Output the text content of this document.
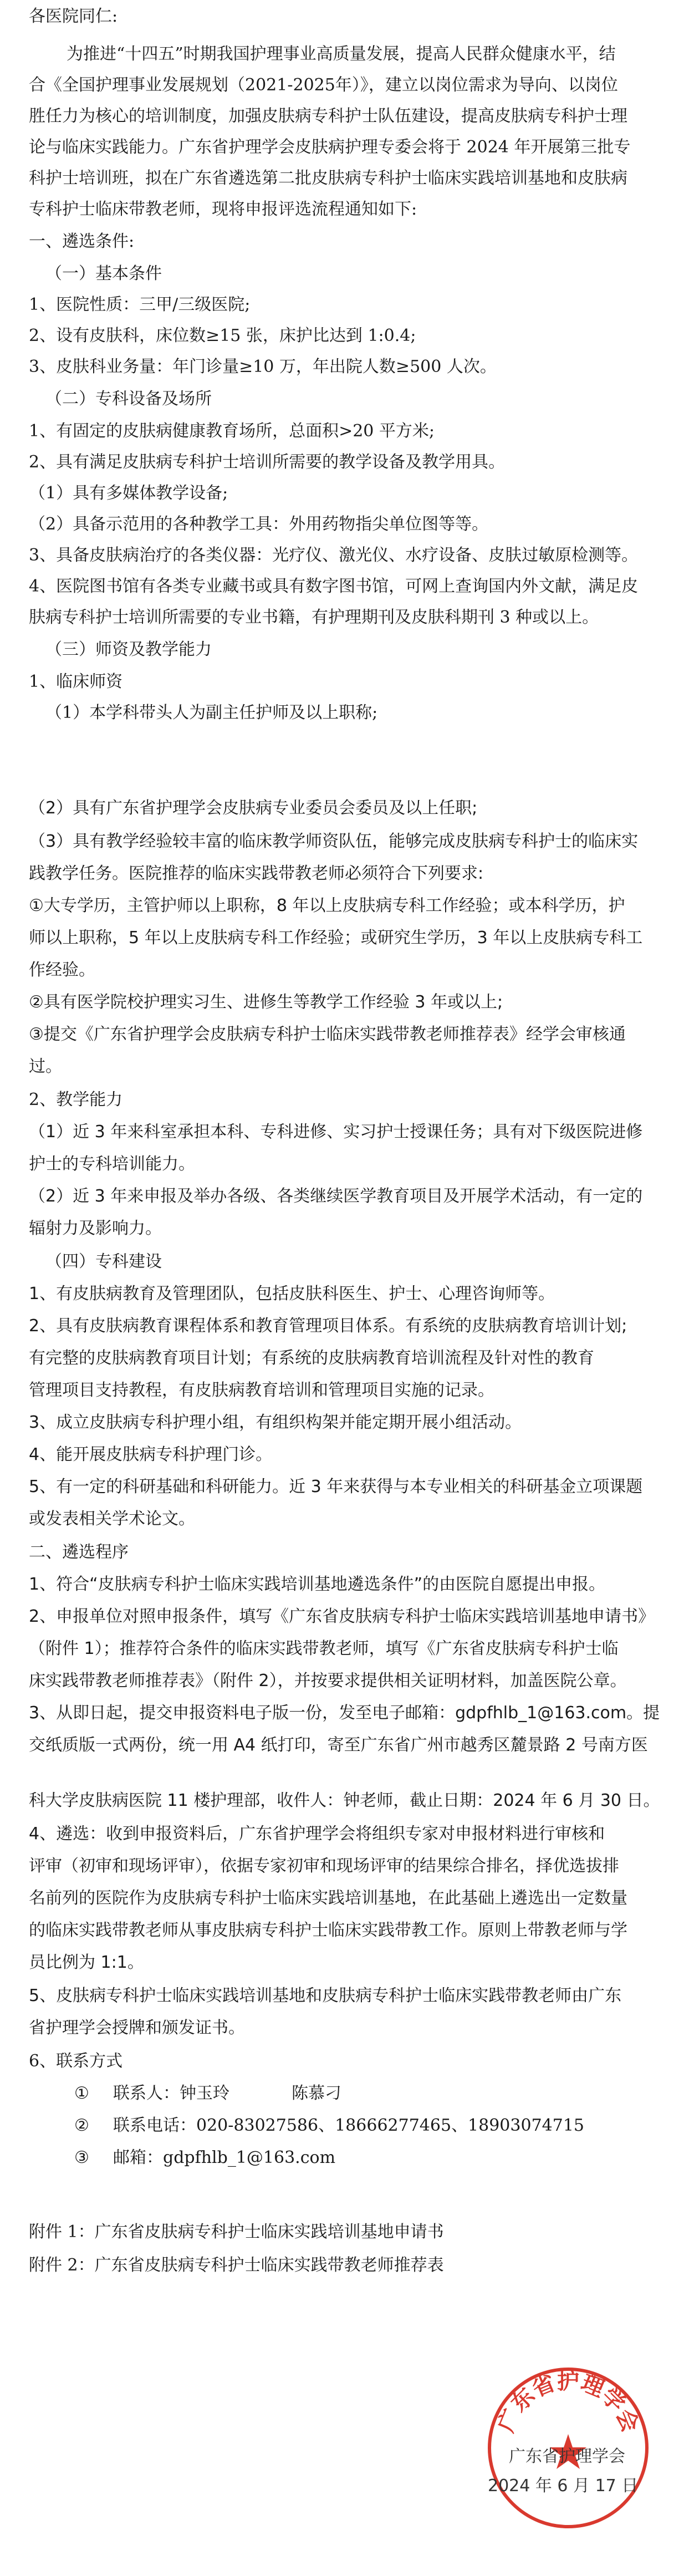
各医院同仁:
为推进“十四五”时期我国护理事业高质量发展，提高人民群众健康水平，结
合《全国护理事业发展规划（2021-2025年）》，建立以岗位需求为导向、以岗位
胜任力为核心的培训制度，加强皮肤病专科护士队伍建设，提高皮肤病专科护士理
论与临床实践能力。广东省护理学会皮肤病护理专委会将于 2024 年开展第三批专
科护士培训班，拟在广东省遴选第二批皮肤病专科护士临床实践培训基地和皮肤病
专科护士临床带教老师，现将申报评选流程通知如下:
一、遴选条件:
（一）基本条件
1、医院性质：三甲/三级医院;
2、设有皮肤科，床位数≥15 张，床护比达到 1:0.4;
3、皮肤科业务量：年门诊量≥10 万，年出院人数≥500 人次。
（二）专科设备及场所
1、有固定的皮肤病健康教育场所，总面积>20 平方米;
2、具有满足皮肤病专科护士培训所需要的教学设备及教学用具。
（1）具有多媒体教学设备;
（2）具备示范用的各种教学工具：外用药物指尖单位图等等。
3、具备皮肤病治疗的各类仪器：光疗仪、激光仪、水疗设备、皮肤过敏原检测等。
4、医院图书馆有各类专业藏书或具有数字图书馆，可网上查询国内外文献，满足皮
肤病专科护士培训所需要的专业书籍，有护理期刊及皮肤科期刊 3 种或以上。
（三）师资及教学能力
1、临床师资
（1）本学科带头人为副主任护师及以上职称;
（2）具有广东省护理学会皮肤病专业委员会委员及以上任职;
（3）具有教学经验较丰富的临床教学师资队伍，能够完成皮肤病专科护士的临床实
践教学任务。医院推荐的临床实践带教老师必须符合下列要求:
①大专学历，主管护师以上职称，8 年以上皮肤病专科工作经验；或本科学历，护
师以上职称，5 年以上皮肤病专科工作经验；或研究生学历，3 年以上皮肤病专科工
作经验。
②具有医学院校护理实习生、进修生等教学工作经验 3 年或以上;
③提交《广东省护理学会皮肤病专科护士临床实践带教老师推荐表》经学会审核通
过。
2、教学能力
（1）近 3 年来科室承担本科、专科进修、实习护士授课任务；具有对下级医院进修
护士的专科培训能力。
（2）近 3 年来申报及举办各级、各类继续医学教育项目及开展学术活动，有一定的
辐射力及影响力。
（四）专科建设
1、有皮肤病教育及管理团队，包括皮肤科医生、护士、心理咨询师等。
2、具有皮肤病教育课程体系和教育管理项目体系。有系统的皮肤病教育培训计划;
有完整的皮肤病教育项目计划；有系统的皮肤病教育培训流程及针对性的教育
管理项目支持教程，有皮肤病教育培训和管理项目实施的记录。
3、成立皮肤病专科护理小组，有组织构架并能定期开展小组活动。
4、能开展皮肤病专科护理门诊。
5、有一定的科研基础和科研能力。近 3 年来获得与本专业相关的科研基金立项课题
或发表相关学术论文。
二、遴选程序
1、符合“皮肤病专科护士临床实践培训基地遴选条件”的由医院自愿提出申报。
2、申报单位对照申报条件，填写《广东省皮肤病专科护士临床实践培训基地申请书》
（附件 1）；推荐符合条件的临床实践带教老师，填写《广东省皮肤病专科护士临
床实践带教老师推荐表》（附件 2），并按要求提供相关证明材料，加盖医院公章。
3、从即日起，提交申报资料电子版一份，发至电子邮箱：gdpfhlb_1@163.com。提
交纸质版一式两份，统一用 A4 纸打印，寄至广东省广州市越秀区麓景路 2 号南方医
科大学皮肤病医院 11 楼护理部，收件人：钟老师，截止日期：2024 年 6 月 30 日。
4、遴选：收到申报资料后，广东省护理学会将组织专家对申报材料进行审核和
评审（初审和现场评审），依据专家初审和现场评审的结果综合排名，择优选拔排
名前列的医院作为皮肤病专科护士临床实践培训基地，在此基础上遴选出一定数量
的临床实践带教老师从事皮肤病专科护士临床实践带教工作。原则上带教老师与学
员比例为 1:1。
5、皮肤病专科护士临床实践培训基地和皮肤病专科护士临床实践带教老师由广东
省护理学会授牌和颁发证书。
6、联系方式
①	联系人：钟玉玲	陈慕刁
②	联系电话：020-83027586、18666277465、18903074715
③	邮箱：gdpfhlb_1@163.com
附件 1：广东省皮肤病专科护士临床实践培训基地申请书
附件 2：广东省皮肤病专科护士临床实践带教老师推荐表
广东省护理学会
广东省护理学会
2024 年 6 月 17 日
